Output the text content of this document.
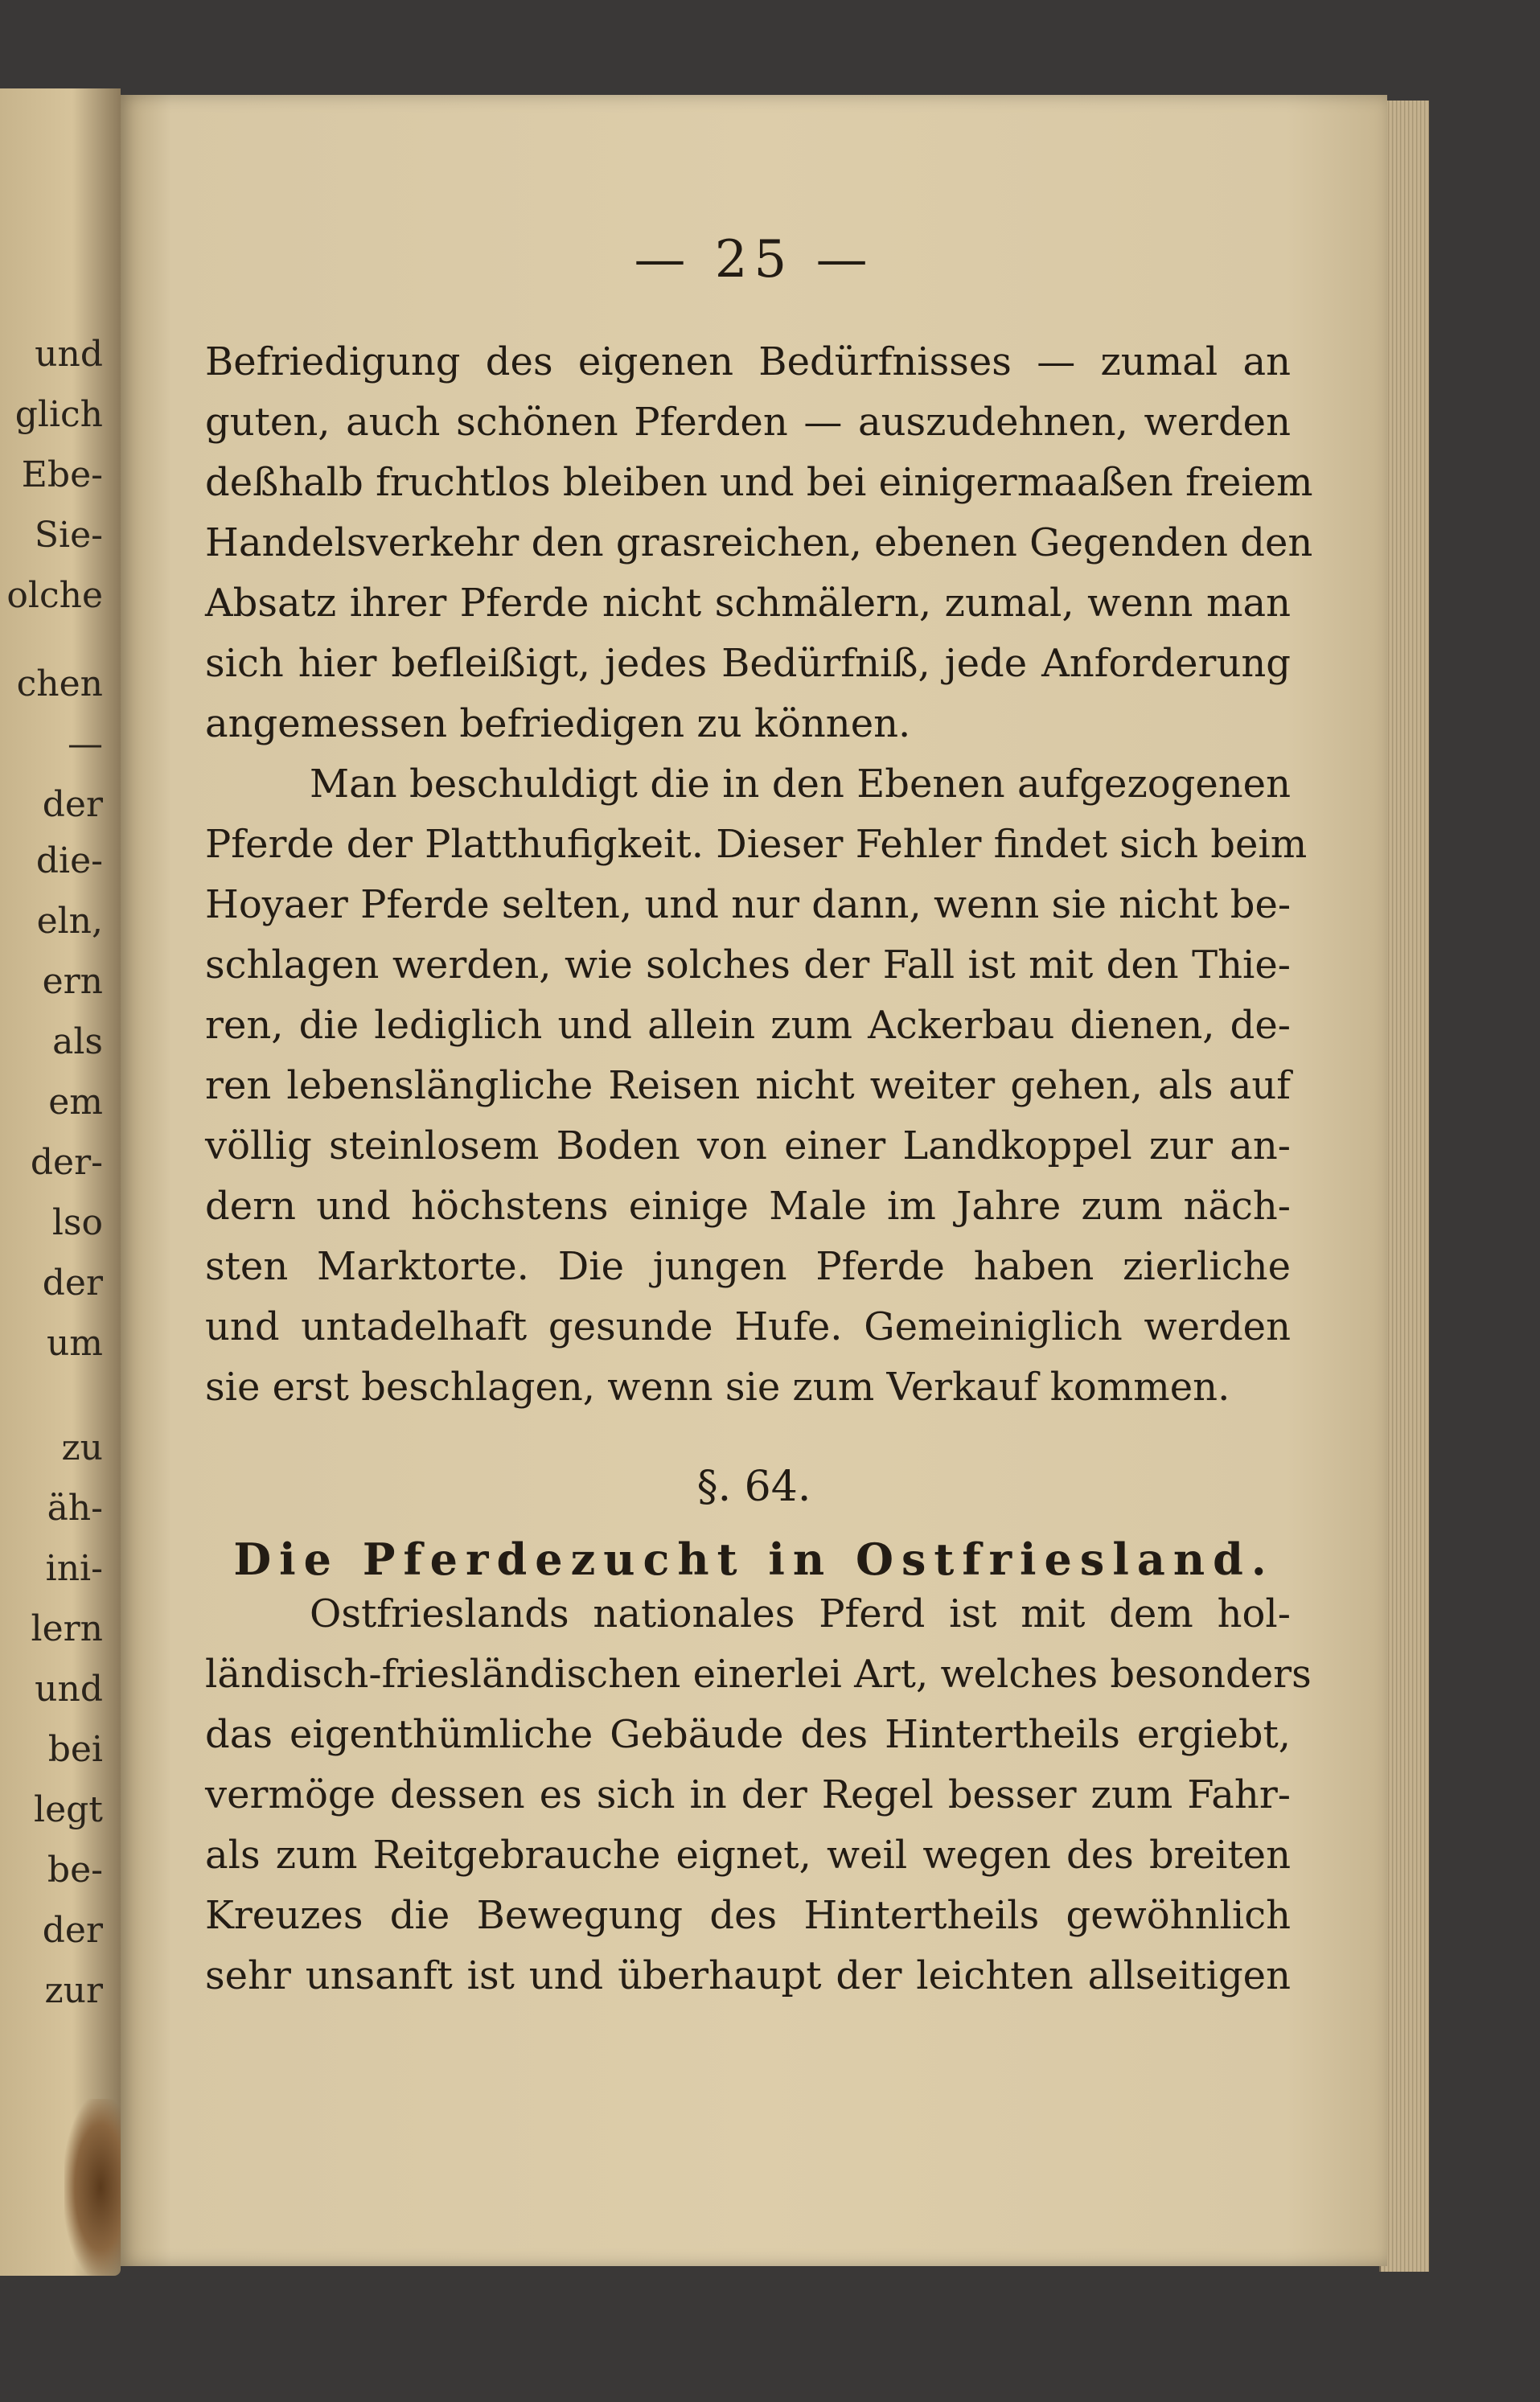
und
glich
Ebe-
Sie-
olche
chen
—
der
die-
eln,
ern
als
em
der-
lso
der
um
zu
äh-
ini-
lern
und
bei
legt
be-
der
zur
— 25 —
Befriedigung des eigenen Bedürfnisses — zumal an
guten, auch schönen Pferden — auszudehnen, werden
deßhalb fruchtlos bleiben und bei einigermaaßen freiem
Handelsverkehr den grasreichen, ebenen Gegenden den
Absatz ihrer Pferde nicht schmälern, zumal, wenn man
sich hier befleißigt, jedes Bedürfniß, jede Anforderung
angemessen befriedigen zu können.
Man beschuldigt die in den Ebenen aufgezogenen
Pferde der Platthufigkeit. Dieser Fehler findet sich beim
Hoyaer Pferde selten, und nur dann, wenn sie nicht be-
schlagen werden, wie solches der Fall ist mit den Thie-
ren, die lediglich und allein zum Ackerbau dienen, de-
ren lebenslängliche Reisen nicht weiter gehen, als auf
völlig steinlosem Boden von einer Landkoppel zur an-
dern und höchstens einige Male im Jahre zum näch-
sten Marktorte. Die jungen Pferde haben zierliche
und untadelhaft gesunde Hufe. Gemeiniglich werden
sie erst beschlagen, wenn sie zum Verkauf kommen.
§. 64.
Die Pferdezucht in Ostfriesland.
Ostfrieslands nationales Pferd ist mit dem hol-
ländisch-friesländischen einerlei Art, welches besonders
das eigenthümliche Gebäude des Hintertheils ergiebt,
vermöge dessen es sich in der Regel besser zum Fahr-
als zum Reitgebrauche eignet, weil wegen des breiten
Kreuzes die Bewegung des Hintertheils gewöhnlich
sehr unsanft ist und überhaupt der leichten allseitigen
